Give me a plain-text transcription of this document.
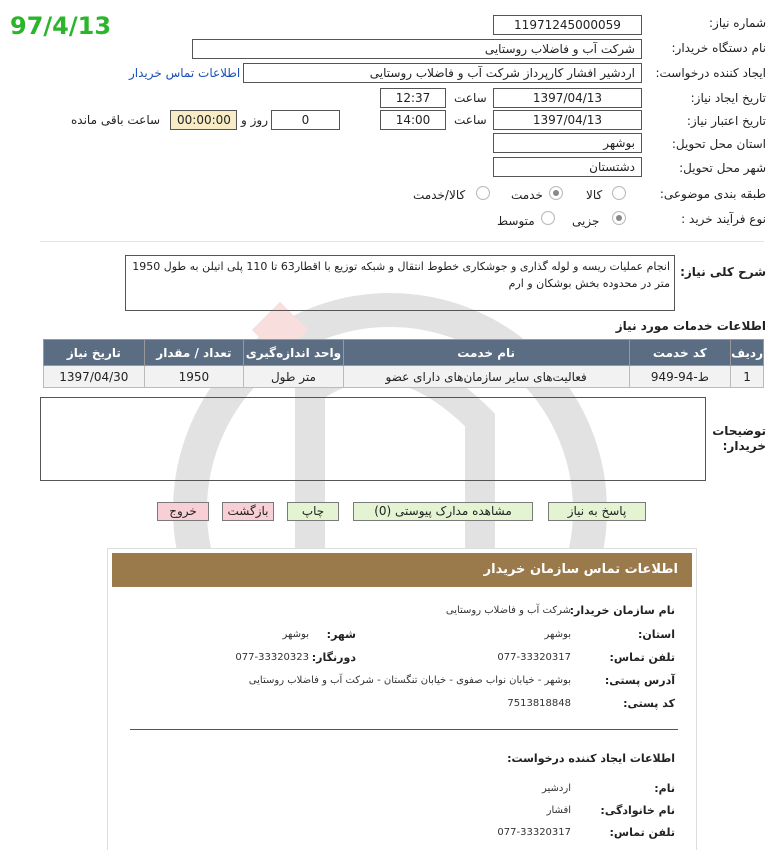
97/4/13	شماره نیاز:
11971245000059
نام دستگاه خریدار:
شرکت آب و فاضلاب روستایی
ایجاد کننده درخواست:
اردشیر افشار کارپرداز شرکت آب و فاضلاب روستایی
اطلاعات تماس خریدار
تاریخ ایجاد نیاز:
1397/04/13
ساعت
12:37
تاریخ اعتبار نیاز:
1397/04/13
ساعت
14:00
0
روز و
00:00:00
ساعت باقی مانده
استان محل تحویل:
بوشهر
شهر محل تحویل:
دشتستان
طبقه بندی موضوعی:
کالا
خدمت
کالا/خدمت
نوع فرآیند خرید :
جزیی
متوسط
شرح کلی نیاز:
انجام عملیات ریسه و لوله گذاری و جوشکاری خطوط انتقال و شبکه توزیع با اقطار63 تا 110 پلی اتیلن به طول 1950 متر در محدوده بخش بوشکان و ارم
اطلاعات خدمات مورد نیاز
ردیف	کد خدمت	نام خدمت	واحد اندازه‌گیری	تعداد / مقدار	تاریخ نیاز
1	ط-94-949	فعالیت‌های سایر سازمان‌های دارای عضو	متر طول	1950	1397/04/30
توضیحات خریدار:
پاسخ به نیاز
مشاهده مدارک پیوستی (0)
چاپ
بازگشت
خروج
اطلاعات تماس سازمان خریدار
نام سازمان خریدار:
شرکت آب و فاضلاب روستایی
استان:
بوشهر
شهر:
بوشهر
تلفن تماس:
077-33320317
دورنگار:
077-33320323
آدرس پستی:
بوشهر - خیابان نواب صفوی - خیابان تنگستان - شرکت آب و فاضلاب روستایی
کد پستی:
7513818848
اطلاعات ایجاد کننده درخواست:
نام:
اردشیر
نام خانوادگی:
افشار
تلفن تماس:
077-33320317
